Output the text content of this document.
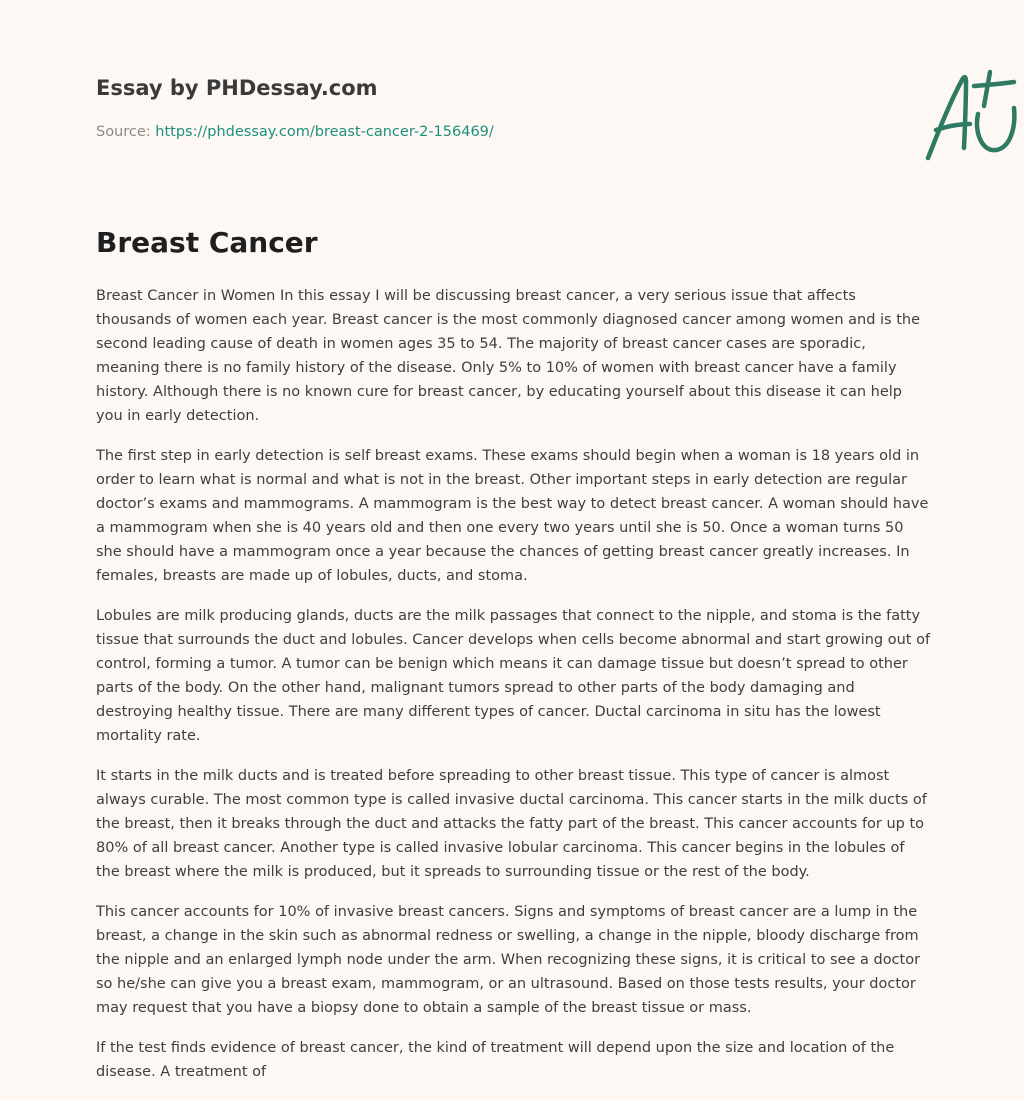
Essay by PHDessay.com
Source: https://phdessay.com/breast-cancer-2-156469/
Breast Cancer

Breast Cancer in Women In this essay I will be discussing breast cancer, a very serious issue that affects thousands of women each year. Breast cancer is the most commonly diagnosed cancer among women and is the second leading cause of death in women ages 35 to 54. The majority of breast cancer cases are sporadic, meaning there is no family history of the disease. Only 5% to 10% of women with breast cancer have a family history. Although there is no known cure for breast cancer, by educating yourself about this disease it can help you in early detection.

The first step in early detection is self breast exams. These exams should begin when a woman is 18 years old in order to learn what is normal and what is not in the breast. Other important steps in early detection are regular doctor’s exams and mammograms. A mammogram is the best way to detect breast cancer. A woman should have a mammogram when she is 40 years old and then one every two years until she is 50. Once a woman turns 50 she should have a mammogram once a year because the chances of getting breast cancer greatly increases. In females, breasts are made up of lobules, ducts, and stoma.

Lobules are milk producing glands, ducts are the milk passages that connect to the nipple, and stoma is the fatty tissue that surrounds the duct and lobules. Cancer develops when cells become abnormal and start growing out of control, forming a tumor. A tumor can be benign which means it can damage tissue but doesn’t spread to other parts of the body. On the other hand, malignant tumors spread to other parts of the body damaging and destroying healthy tissue. There are many different types of cancer. Ductal carcinoma in situ has the lowest mortality rate.

It starts in the milk ducts and is treated before spreading to other breast tissue. This type of cancer is almost always curable. The most common type is called invasive ductal carcinoma. This cancer starts in the milk ducts of the breast, then it breaks through the duct and attacks the fatty part of the breast. This cancer accounts for up to 80% of all breast cancer. Another type is called invasive lobular carcinoma. This cancer begins in the lobules of the breast where the milk is produced, but it spreads to surrounding tissue or the rest of the body.

This cancer accounts for 10% of invasive breast cancers. Signs and symptoms of breast cancer are a lump in the breast, a change in the skin such as abnormal redness or swelling, a change in the nipple, bloody discharge from the nipple and an enlarged lymph node under the arm. When recognizing these signs, it is critical to see a doctor so he/she can give you a breast exam, mammogram, or an ultrasound. Based on those tests results, your doctor may request that you have a biopsy done to obtain a sample of the breast tissue or mass.

If the test finds evidence of breast cancer, the kind of treatment will depend upon the size and location of the disease. A treatment of
